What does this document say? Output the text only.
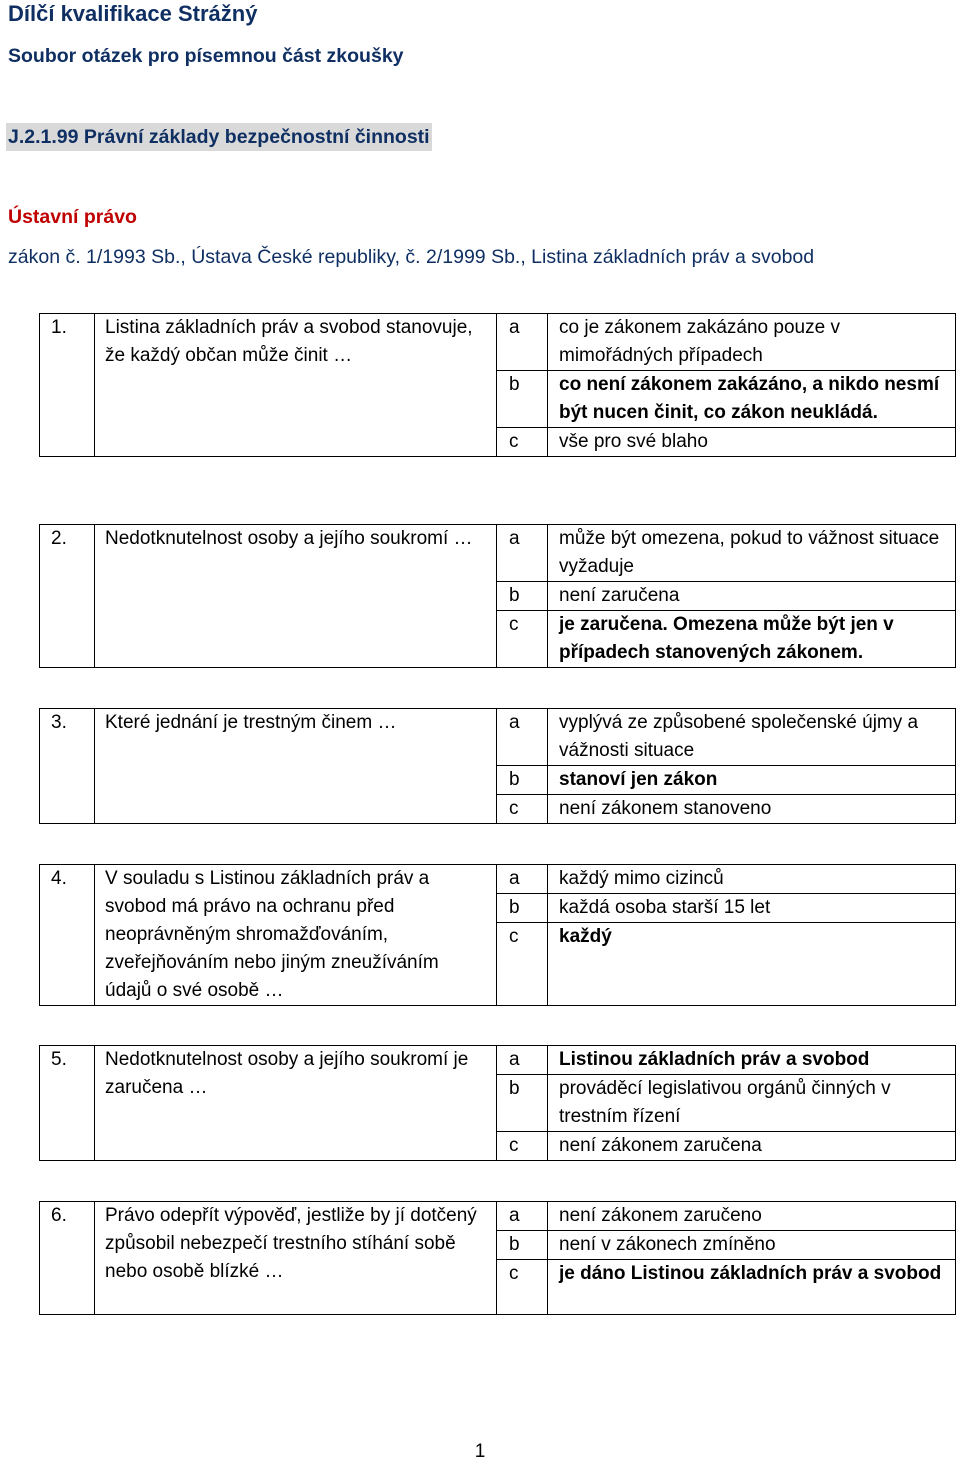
Dílčí kvalifikace Strážný
Soubor otázek pro písemnou část zkoušky
J.2.1.99 Právní základy bezpečnostní činnosti
Ústavní právo
zákon č. 1/1993 Sb., Ústava České republiky, č. 2/1999 Sb., Listina základních práv a svobod
1.	Listina základních práv a svobod stanovuje, že každý občan může činit …	a	co je zákonem zakázáno pouze v mimořádných případech

		b	co není zákonem zakázáno, a nikdo nesmí být nucen činit, co zákon neukládá.

		c	vše pro své blaho
2.	Nedotknutelnost osoby a jejího soukromí …	a	může být omezena, pokud to vážnost situace vyžaduje

		b	není zaručena

		c	je zaručena. Omezena může být jen v případech stanovených zákonem.
3.	Které jednání je trestným činem …	a	vyplývá ze způsobené společenské újmy a vážnosti situace

		b	stanoví jen zákon

		c	není zákonem stanoveno
4.	V souladu s Listinou základních práv a svobod má právo na ochranu před neoprávněným shromažďováním, zveřejňováním nebo jiným zneužíváním údajů o své osobě …	a	každý mimo cizinců

		b	každá osoba starší 15 let

		c	každý
5.	Nedotknutelnost osoby a jejího soukromí je zaručena …	a	Listinou základních práv a svobod

		b	prováděcí legislativou orgánů činných v trestním řízení

		c	není zákonem zaručena
6.	Právo odepřít výpověď, jestliže by jí dotčený způsobil nebezpečí trestního stíhání sobě nebo osobě blízké …	a	není zákonem zaručeno

		b	není v zákonech zmíněno

		c	je dáno Listinou základních práv a svobod
1
